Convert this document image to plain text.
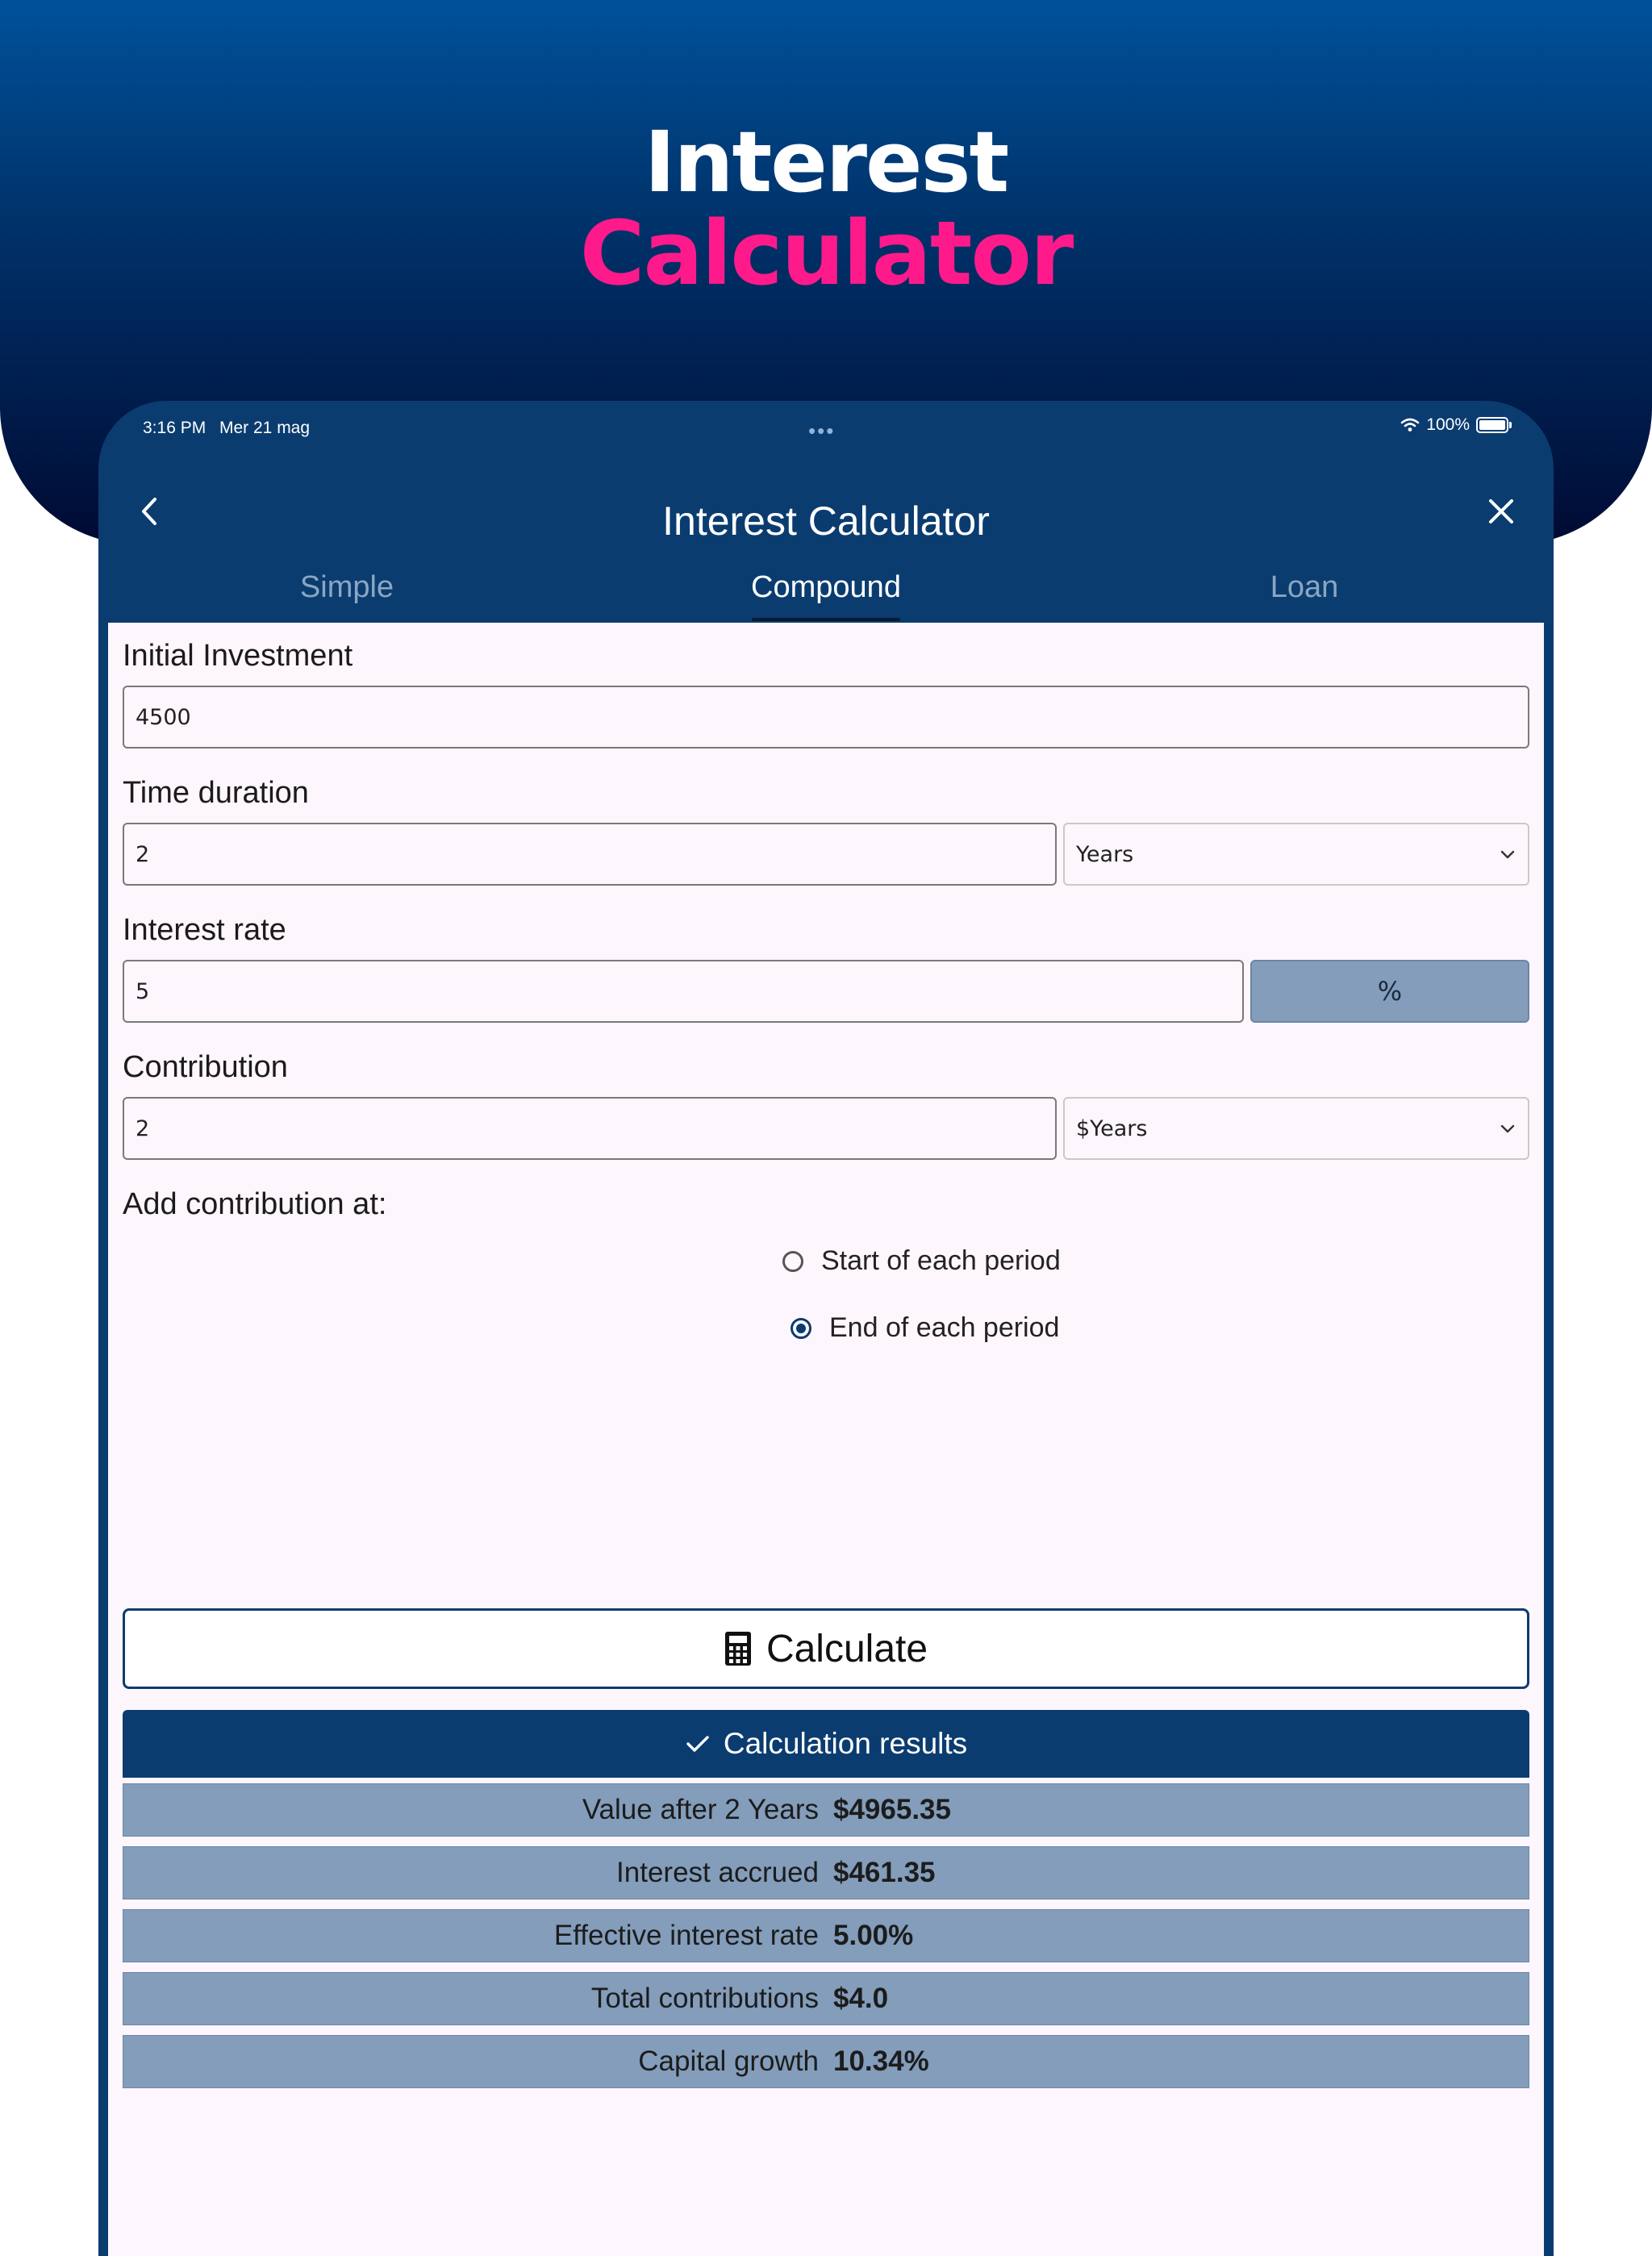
Interest
Calculator
3:16 PM Mer 21 mag	•••	100%
Interest Calculator
Simple	Compound	Loan
Initial Investment
4500
Time duration
2	Years
Interest rate
5	%
Contribution
2	$Years
Add contribution at:
Start of each period
End of each period
Calculate
Calculation results
Value after 2 Years $4965.35
Interest accrued $461.35
Effective interest rate 5.00%
Total contributions $4.0
Capital growth 10.34%
